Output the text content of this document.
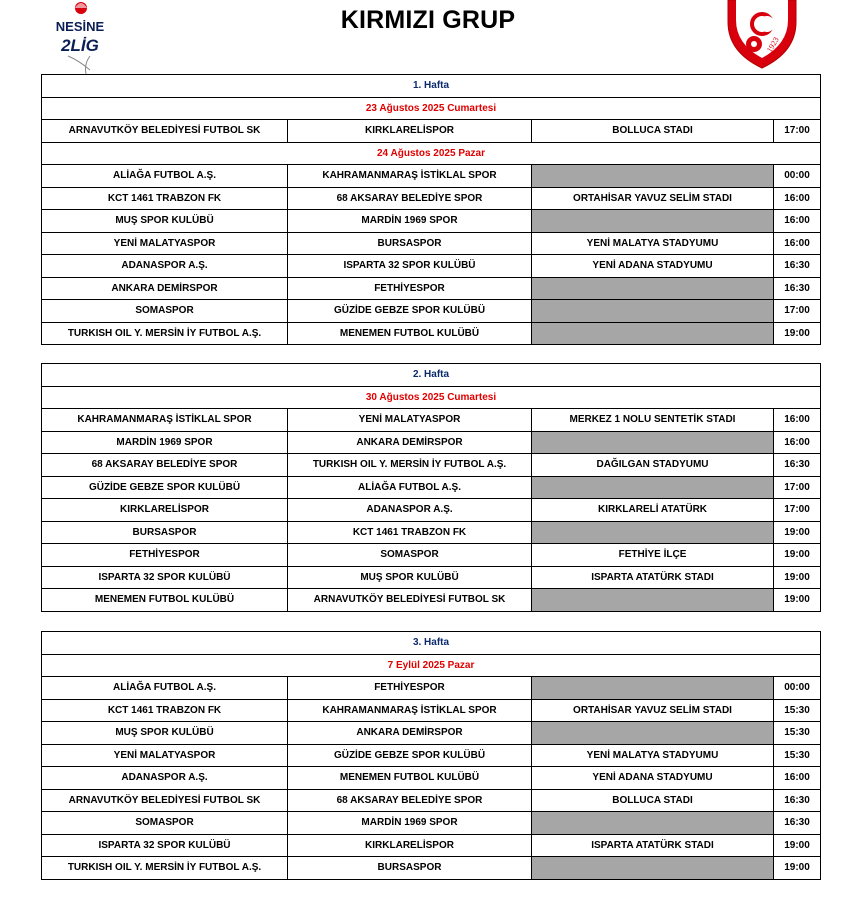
NESİNE
2LİG	1923
KIRMIZI GRUP
1. Hafta			
23 Ağustos 2025 Cumartesi			
ARNAVUTKÖY BELEDİYESİ FUTBOL SK	KIRKLARELİSPOR	BOLLUCA STADI	17:00
24 Ağustos 2025 Pazar			
ALİAĞA FUTBOL A.Ş.	KAHRAMANMARAŞ İSTİKLAL SPOR		00:00
KCT 1461 TRABZON FK	68 AKSARAY BELEDİYE SPOR	ORTAHİSAR YAVUZ SELİM STADI	16:00
MUŞ SPOR KULÜBÜ	MARDİN 1969 SPOR		16:00
YENİ MALATYASPOR	BURSASPOR	YENİ MALATYA STADYUMU	16:00
ADANASPOR A.Ş.	ISPARTA 32 SPOR KULÜBÜ	YENİ ADANA STADYUMU	16:30
ANKARA DEMİRSPOR	FETHİYESPOR		16:30
SOMASPOR	GÜZİDE GEBZE SPOR KULÜBÜ		17:00
TURKISH OIL Y. MERSİN İY FUTBOL A.Ş.	MENEMEN FUTBOL KULÜBÜ		19:00
2. Hafta			
30 Ağustos 2025 Cumartesi			
KAHRAMANMARAŞ İSTİKLAL SPOR	YENİ MALATYASPOR	MERKEZ 1 NOLU SENTETİK STADI	16:00
MARDİN 1969 SPOR	ANKARA DEMİRSPOR		16:00
68 AKSARAY BELEDİYE SPOR	TURKISH OIL Y. MERSİN İY FUTBOL A.Ş.	DAĞILGAN STADYUMU	16:30
GÜZİDE GEBZE SPOR KULÜBÜ	ALİAĞA FUTBOL A.Ş.		17:00
KIRKLARELİSPOR	ADANASPOR A.Ş.	KIRKLARELİ ATATÜRK	17:00
BURSASPOR	KCT 1461 TRABZON FK		19:00
FETHİYESPOR	SOMASPOR	FETHİYE İLÇE	19:00
ISPARTA 32 SPOR KULÜBÜ	MUŞ SPOR KULÜBÜ	ISPARTA ATATÜRK STADI	19:00
MENEMEN FUTBOL KULÜBÜ	ARNAVUTKÖY BELEDİYESİ FUTBOL SK		19:00
3. Hafta			
7 Eylül 2025 Pazar			
ALİAĞA FUTBOL A.Ş.	FETHİYESPOR		00:00
KCT 1461 TRABZON FK	KAHRAMANMARAŞ İSTİKLAL SPOR	ORTAHİSAR YAVUZ SELİM STADI	15:30
MUŞ SPOR KULÜBÜ	ANKARA DEMİRSPOR		15:30
YENİ MALATYASPOR	GÜZİDE GEBZE SPOR KULÜBÜ	YENİ MALATYA STADYUMU	15:30
ADANASPOR A.Ş.	MENEMEN FUTBOL KULÜBÜ	YENİ ADANA STADYUMU	16:00
ARNAVUTKÖY BELEDİYESİ FUTBOL SK	68 AKSARAY BELEDİYE SPOR	BOLLUCA STADI	16:30
SOMASPOR	MARDİN 1969 SPOR		16:30
ISPARTA 32 SPOR KULÜBÜ	KIRKLARELİSPOR	ISPARTA ATATÜRK STADI	19:00
TURKISH OIL Y. MERSİN İY FUTBOL A.Ş.	BURSASPOR		19:00
